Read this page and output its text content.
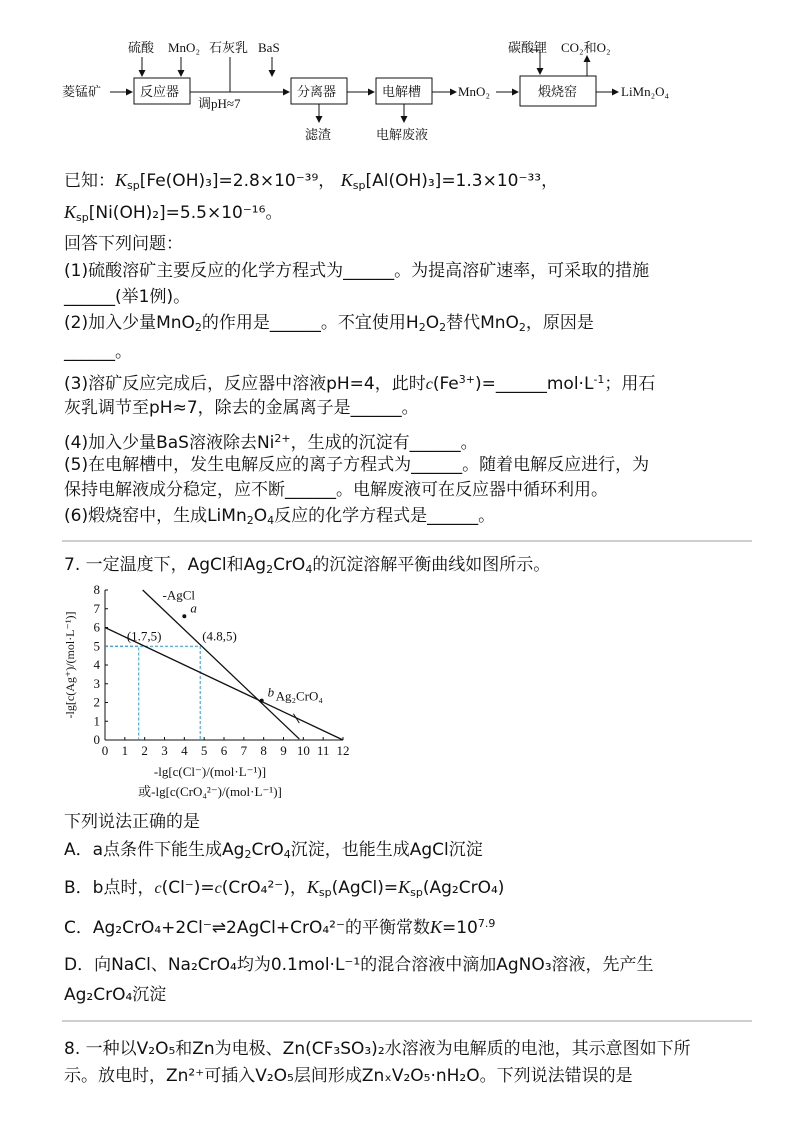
菱锰矿	反应器
硫酸 MnO₂ 石灰乳 BaS
调pH≈7
分离器
滤渣
电解槽
电解废液
MnO₂	煅烧窑
碳酸锂 CO₂和O₂
LiMn₂O₄
已知：$K_{sp}[Fe(OH)_3]=2.8\times 10^{-39}$， $K_{sp}[Al(OH)_3]=1.3\times 10^{-33}$，
$K_{sp}[Ni(OH)_2]=5.5\times 10^{-16}$。
回答下列问题：
(1)硫酸溶矿主要反应的化学方程式为______。为提高溶矿速率，可采取的措施
______(举1例)。
(2)加入少量MnO$_2$的作用是______。不宜使用$H_2O_2$替代MnO$_2$，原因是
______。
(3)溶矿反应完成后，反应器中溶液pH=4，此时$c(Fe^{3+})=\_\_\_\_\_\_mol\cdot L^{-1}$；用石
灰乳调节至pH≈7，除去的金属离子是______。
(4)加入少量BaS溶液除去$Ni^{2+}$，生成的沉淀有______。
(5)在电解槽中，发生电解反应的离子方程式为______。随着电解反应进行，为
保持电解液成分稳定，应不断______。电解废液可在反应器中循环利用。
(6)煅烧窑中，生成$LiMn_2O_4$反应的化学方程式是______。
7. 一定温度下，AgCl和$Ag_2CrO_4$的沉淀溶解平衡曲线如图所示。
0 1 2 3 4 5 6 7 8 9 10 11 12
0
1
2
3
4
5
6
7
8	-AgCl
Ag₂CrO₄
a
b
(1.7,5)	(4.8,5)
-lg[c(Ag⁺)/(mol·L⁻¹)]
-lg[c(Cl⁻)/(mol·L⁻¹)]
或-lg[c(CrO₄²⁻)/(mol·L⁻¹)]
下列说法正确的是
A．a点条件下能生成$Ag_2CrO_4$沉淀，也能生成AgCl沉淀
B．b点时，c(Cl⁻)=c(CrO₄²⁻)，$K_{sp}(AgCl)=K_{sp}(Ag_2CrO_4)$
C．Ag₂CrO₄+2Cl⁻⇌2AgCl+CrO₄²⁻的平衡常数$K=10^{7.9}$
D．向NaCl、Na₂CrO₄均为0.1mol·L⁻¹的混合溶液中滴加AgNO₃溶液，先产生
Ag₂CrO₄沉淀
8. 一种以V₂O₅和Zn为电极、Zn(CF₃SO₃)₂水溶液为电解质的电池，其示意图如下所
示。放电时，Zn²⁺可插入V₂O₅层间形成ZnₓV₂O₅·nH₂O。下列说法错误的是
